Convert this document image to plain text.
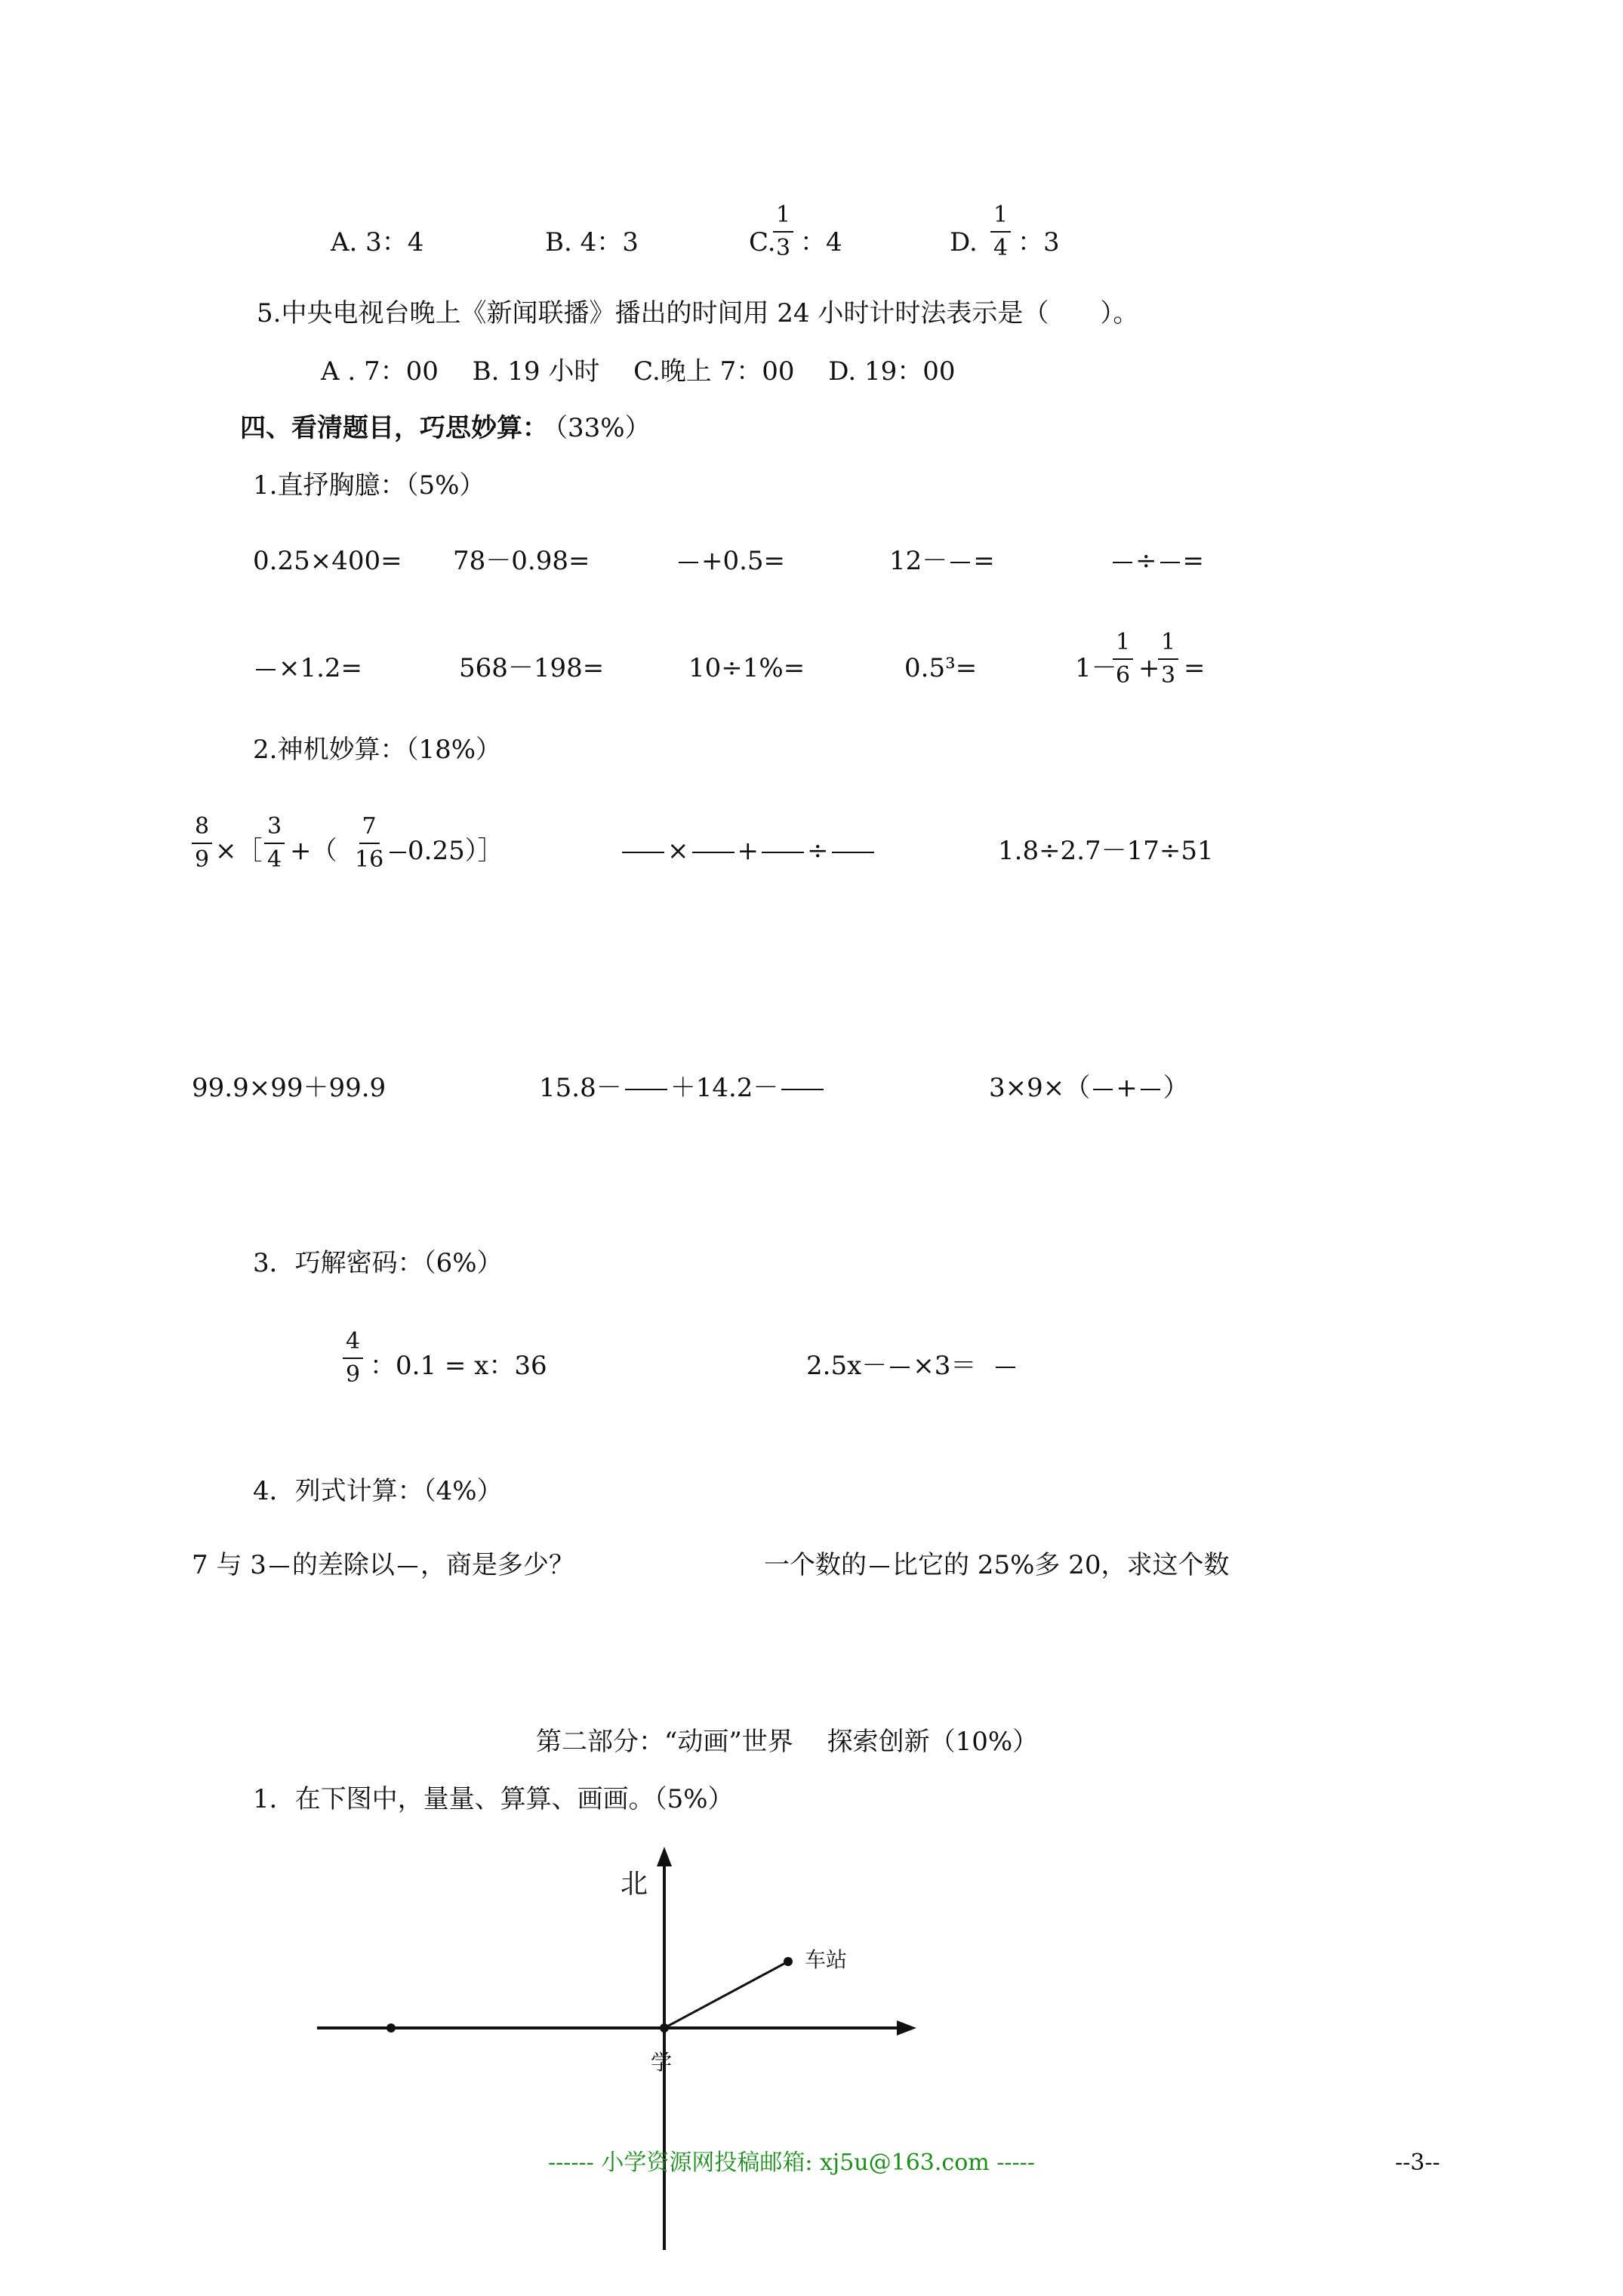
A. 3：4	B. 4：3	C.
$\frac{1}{3}$ ：4	D. $\frac{1}{4}$ ：3
5.中央电视台晚上《新闻联播》播出的时间用 24 小时计时法表示是（　　）。
A . 7：00　 B. 19 小时　 C.晚上 7：00　 D. 19：00
四、看清题目，巧思妙算：
（33%）
1.直抒胸臆：（5%）
0.25×400= 78－0.98=	+0.5=	12－ =	÷ =
×1.2=	568－198=	10÷1%=	0.5³=	1－
$\frac{1}{6}$ +
$\frac{1}{3}$ =
2.神机妙算：（18%）
$\frac{8}{9}$ ×［ $\frac{3}{4}$ +（ $\frac{7}{16}$ 0.25）］	× + ÷	1.8÷2.7－17÷51
99.9×99＋99.9	15.8－ ＋14.2－	3×9×（ + ）
3．巧解密码：（6%）
$\frac{4}{9}$ ：0.1 = x：36	2.5x－ ×3＝
4．列式计算：（4%）
7 与 3 的差除以 ，商是多少？	一个数的 比它的 25%多 20，求这个数
第二部分：“动画”世界　 探索创新（10%）
1．在下图中，量量、算算、画画。（5%）
北
车站
学
------ 小学资源网投稿邮箱: xj5u@163.com -----	--3--
